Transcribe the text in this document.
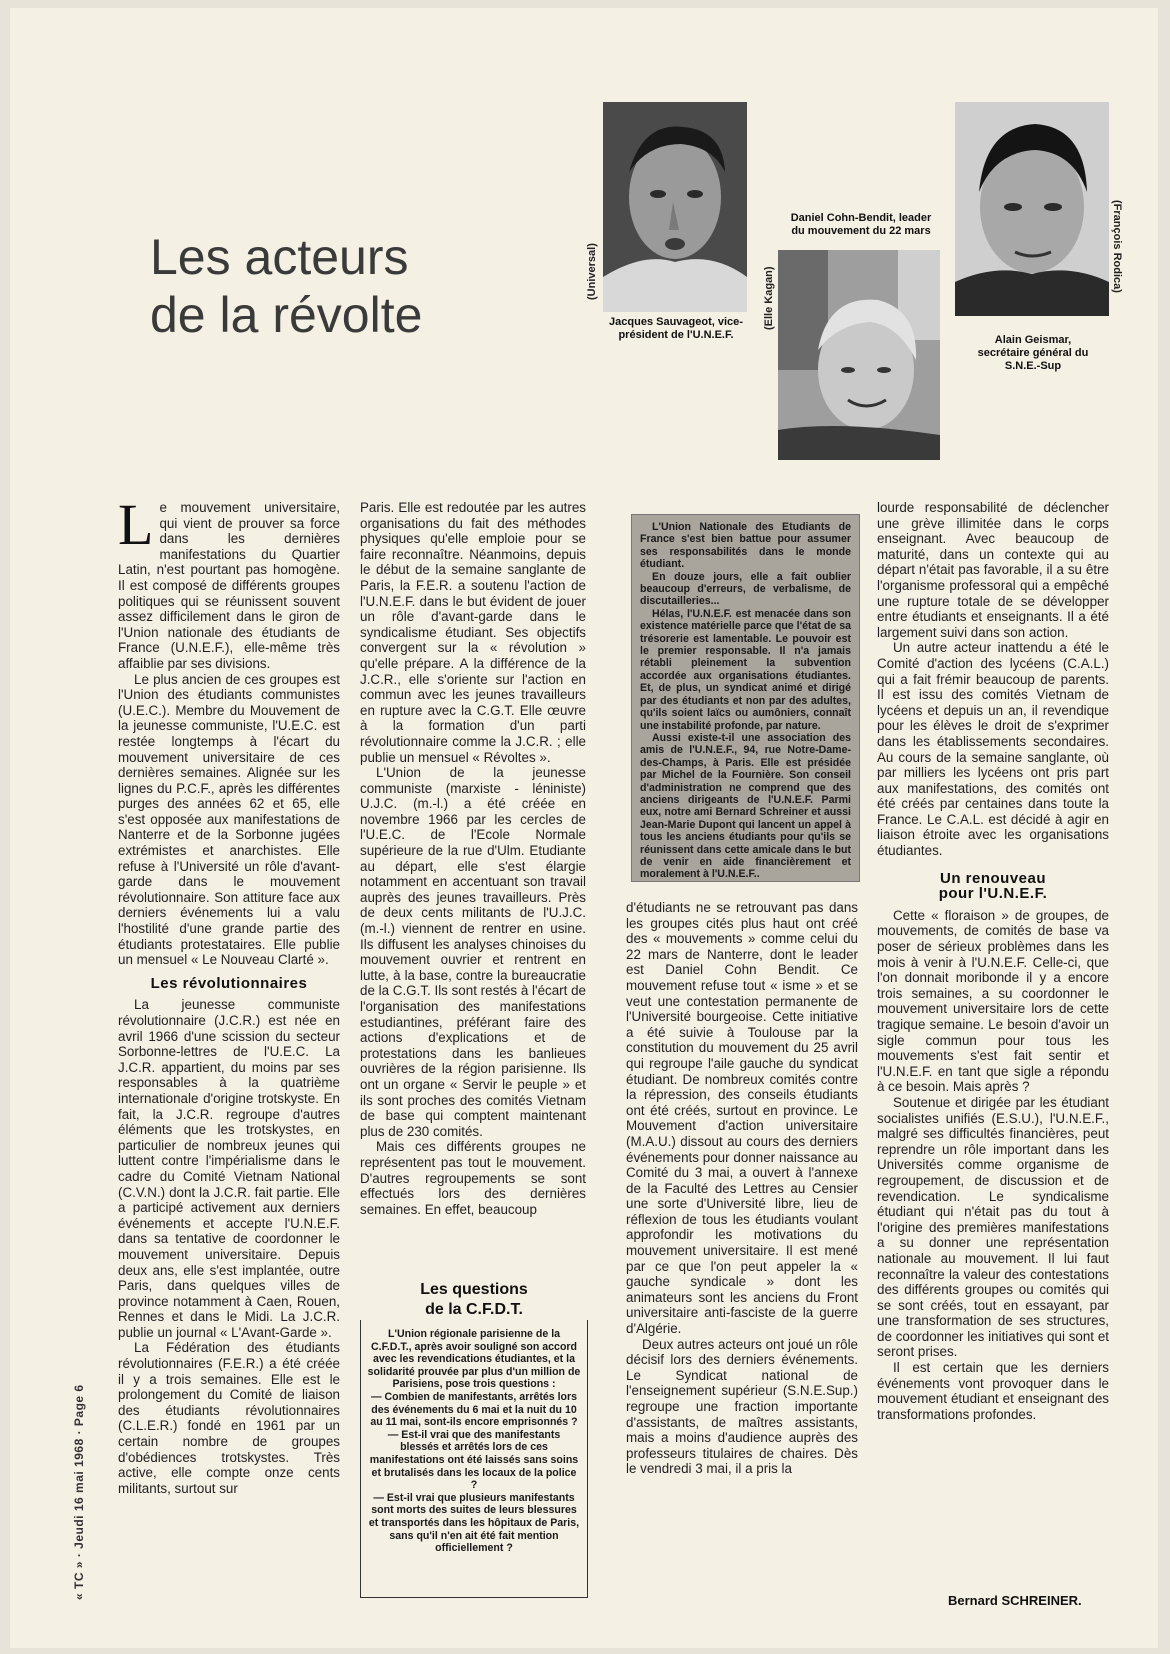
Les acteurs
de la révolte
(Universal)
Jacques Sauvageot, vice-président de l'U.N.E.F.
Daniel Cohn-Bendit, leader du mouvement du 22 mars
(Elle Kagan)
(François Rodica)
Alain Geismar, secrétaire général du S.N.E.-Sup

Le mouvement universitaire, qui vient de prouver sa force dans les dernières manifestations du Quartier Latin, n'est pourtant pas homogène. Il est composé de différents groupes politiques qui se réunissent souvent assez difficilement dans le giron de l'Union nationale des étudiants de France (U.N.E.F.), elle-même très affaiblie par ses divisions.

Le plus ancien de ces groupes est l'Union des étudiants communistes (U.E.C.). Membre du Mouvement de la jeunesse communiste, l'U.E.C. est restée longtemps à l'écart du mouvement universitaire de ces dernières semaines. Alignée sur les lignes du P.C.F., après les différentes purges des années 62 et 65, elle s'est opposée aux manifestations de Nanterre et de la Sorbonne jugées extrémistes et anarchistes. Elle refuse à l'Université un rôle d'avant-garde dans le mouvement révolutionnaire. Son attiture face aux derniers événements lui a valu l'hostilité d'une grande partie des étudiants protestataires. Elle publie un mensuel « Le Nouveau Clarté ».

Les révolutionnaires

La jeunesse communiste révolutionnaire (J.C.R.) est née en avril 1966 d'une scission du secteur Sorbonne-lettres de l'U.E.C. La J.C.R. appartient, du moins par ses responsables à la quatrième internationale d'origine trotskyste. En fait, la J.C.R. regroupe d'autres éléments que les trotskystes, en particulier de nombreux jeunes qui luttent contre l'impérialisme dans le cadre du Comité Vietnam National (C.V.N.) dont la J.C.R. fait partie. Elle a participé activement aux derniers événements et accepte l'U.N.E.F. dans sa tentative de coordonner le mouvement universitaire. Depuis deux ans, elle s'est implantée, outre Paris, dans quelques villes de province notamment à Caen, Rouen, Rennes et dans le Midi. La J.C.R. publie un journal « L'Avant-Garde ».

La Fédération des étudiants révolutionnaires (F.E.R.) a été créée il y a trois semaines. Elle est le prolongement du Comité de liaison des étudiants révolutionnaires (C.L.E.R.) fondé en 1961 par un certain nombre de groupes d'obédiences trotskystes. Très active, elle compte onze cents militants, surtout sur

Paris. Elle est redoutée par les autres organisations du fait des méthodes physiques qu'elle emploie pour se faire reconnaître. Néanmoins, depuis le début de la semaine sanglante de Paris, la F.E.R. a soutenu l'action de l'U.N.E.F. dans le but évident de jouer un rôle d'avant-garde dans le syndicalisme étudiant. Ses objectifs convergent sur la « révolution » qu'elle prépare. A la différence de la J.C.R., elle s'oriente sur l'action en commun avec les jeunes travailleurs en rupture avec la C.G.T. Elle œuvre à la formation d'un parti révolutionnaire comme la J.C.R. ; elle publie un mensuel « Révoltes ».

L'Union de la jeunesse communiste (marxiste - léniniste) U.J.C. (m.-l.) a été créée en novembre 1966 par les cercles de l'U.E.C. de l'Ecole Normale supérieure de la rue d'Ulm. Etudiante au départ, elle s'est élargie notamment en accentuant son travail auprès des jeunes travailleurs. Près de deux cents militants de l'U.J.C. (m.-l.) viennent de rentrer en usine. Ils diffusent les analyses chinoises du mouvement ouvrier et rentrent en lutte, à la base, contre la bureaucratie de la C.G.T. Ils sont restés à l'écart de l'organisation des manifestations estudiantines, préférant faire des actions d'explications et de protestations dans les banlieues ouvrières de la région parisienne. Ils ont un organe « Servir le peuple » et ils sont proches des comités Vietnam de base qui comptent maintenant plus de 230 comités.

Mais ces différents groupes ne représentent pas tout le mouvement. D'autres regroupements se sont effectués lors des dernières semaines. En effet, beaucoup

Les questions
de la C.F.D.T.

L'Union régionale parisienne de la C.F.D.T., après avoir souligné son accord avec les revendications étudiantes, et la solidarité prouvée par plus d'un million de Parisiens, pose trois questions :

— Combien de manifestants, arrêtés lors des événements du 6 mai et la nuit du 10 au 11 mai, sont-ils encore emprisonnés ?

— Est-il vrai que des manifestants blessés et arrêtés lors de ces manifestations ont été laissés sans soins et brutalisés dans les locaux de la police ?

— Est-il vrai que plusieurs manifestants sont morts des suites de leurs blessures et transportés dans les hôpitaux de Paris, sans qu'il n'en ait été fait mention officiellement ?

L'Union Nationale des Etudiants de France s'est bien battue pour assumer ses responsabilités dans le monde étudiant.

En douze jours, elle a fait oublier beaucoup d'erreurs, de verbalisme, de discutailleries...

Hélas, l'U.N.E.F. est menacée dans son existence matérielle parce que l'état de sa trésorerie est lamentable. Le pouvoir est le premier responsable. Il n'a jamais rétabli pleinement la subvention accordée aux organisations étudiantes. Et, de plus, un syndicat animé et dirigé par des étudiants et non par des adultes, qu'ils soient laïcs ou aumôniers, connaît une instabilité profonde, par nature.

Aussi existe-t-il une association des amis de l'U.N.E.F., 94, rue Notre-Dame-des-Champs, à Paris. Elle est présidée par Michel de la Fournière. Son conseil d'administration ne comprend que des anciens dirigeants de l'U.N.E.F. Parmi eux, notre ami Bernard Schreiner et aussi Jean-Marie Dupont qui lancent un appel à tous les anciens étudiants pour qu'ils se réunissent dans cette amicale dans le but de venir en aide financièrement et moralement à l'U.N.E.F..

d'étudiants ne se retrouvant pas dans les groupes cités plus haut ont créé des « mouvements » comme celui du 22 mars de Nanterre, dont le leader est Daniel Cohn Bendit. Ce mouvement refuse tout « isme » et se veut une contestation permanente de l'Université bourgeoise. Cette initiative a été suivie à Toulouse par la constitution du mouvement du 25 avril qui regroupe l'aile gauche du syndicat étudiant. De nombreux comités contre la répression, des conseils étudiants ont été créés, surtout en province. Le Mouvement d'action universitaire (M.A.U.) dissout au cours des derniers événements pour donner naissance au Comité du 3 mai, a ouvert à l'annexe de la Faculté des Lettres au Censier une sorte d'Université libre, lieu de réflexion de tous les étudiants voulant approfondir les motivations du mouvement universitaire. Il est mené par ce que l'on peut appeler la « gauche syndicale » dont les animateurs sont les anciens du Front universitaire anti-fasciste de la guerre d'Algérie.

Deux autres acteurs ont joué un rôle décisif lors des derniers événements. Le Syndicat national de l'enseignement supérieur (S.N.E.Sup.) regroupe une fraction importante d'assistants, de maîtres assistants, mais a moins d'audience auprès des professeurs titulaires de chaires. Dès le vendredi 3 mai, il a pris la

lourde responsabilité de déclencher une grève illimitée dans le corps enseignant. Avec beaucoup de maturité, dans un contexte qui au départ n'était pas favorable, il a su être l'organisme professoral qui a empêché une rupture totale de se développer entre étudiants et enseignants. Il a été largement suivi dans son action.

Un autre acteur inattendu a été le Comité d'action des lycéens (C.A.L.) qui a fait frémir beaucoup de parents. Il est issu des comités Vietnam de lycéens et depuis un an, il revendique pour les élèves le droit de s'exprimer dans les établissements secondaires. Au cours de la semaine sanglante, où par milliers les lycéens ont pris part aux manifestations, des comités ont été créés par centaines dans toute la France. Le C.A.L. est décidé à agir en liaison étroite avec les organisations étudiantes.

Un renouveau
pour l'U.N.E.F.

Cette « floraison » de groupes, de mouvements, de comités de base va poser de sérieux problèmes dans les mois à venir à l'U.N.E.F. Celle-ci, que l'on donnait moribonde il y a encore trois semaines, a su coordonner le mouvement universitaire lors de cette tragique semaine. Le besoin d'avoir un sigle commun pour tous les mouvements s'est fait sentir et l'U.N.E.F. en tant que sigle a répondu à ce besoin. Mais après ?

Soutenue et dirigée par les étudiant socialistes unifiés (E.S.U.), l'U.N.E.F., malgré ses difficultés financières, peut reprendre un rôle important dans les Universités comme organisme de regroupement, de discussion et de revendication. Le syndicalisme étudiant qui n'était pas du tout à l'origine des premières manifestations a su donner une représentation nationale au mouvement. Il lui faut reconnaître la valeur des contestations des différents groupes ou comités qui se sont créés, tout en essayant, par une transformation de ses structures, de coordonner les initiatives qui sont et seront prises.

Il est certain que les derniers événements vont provoquer dans le mouvement étudiant et enseignant des transformations profondes.

Bernard SCHREINER.
« TC » · Jeudi 16 mai 1968 · Page 6
